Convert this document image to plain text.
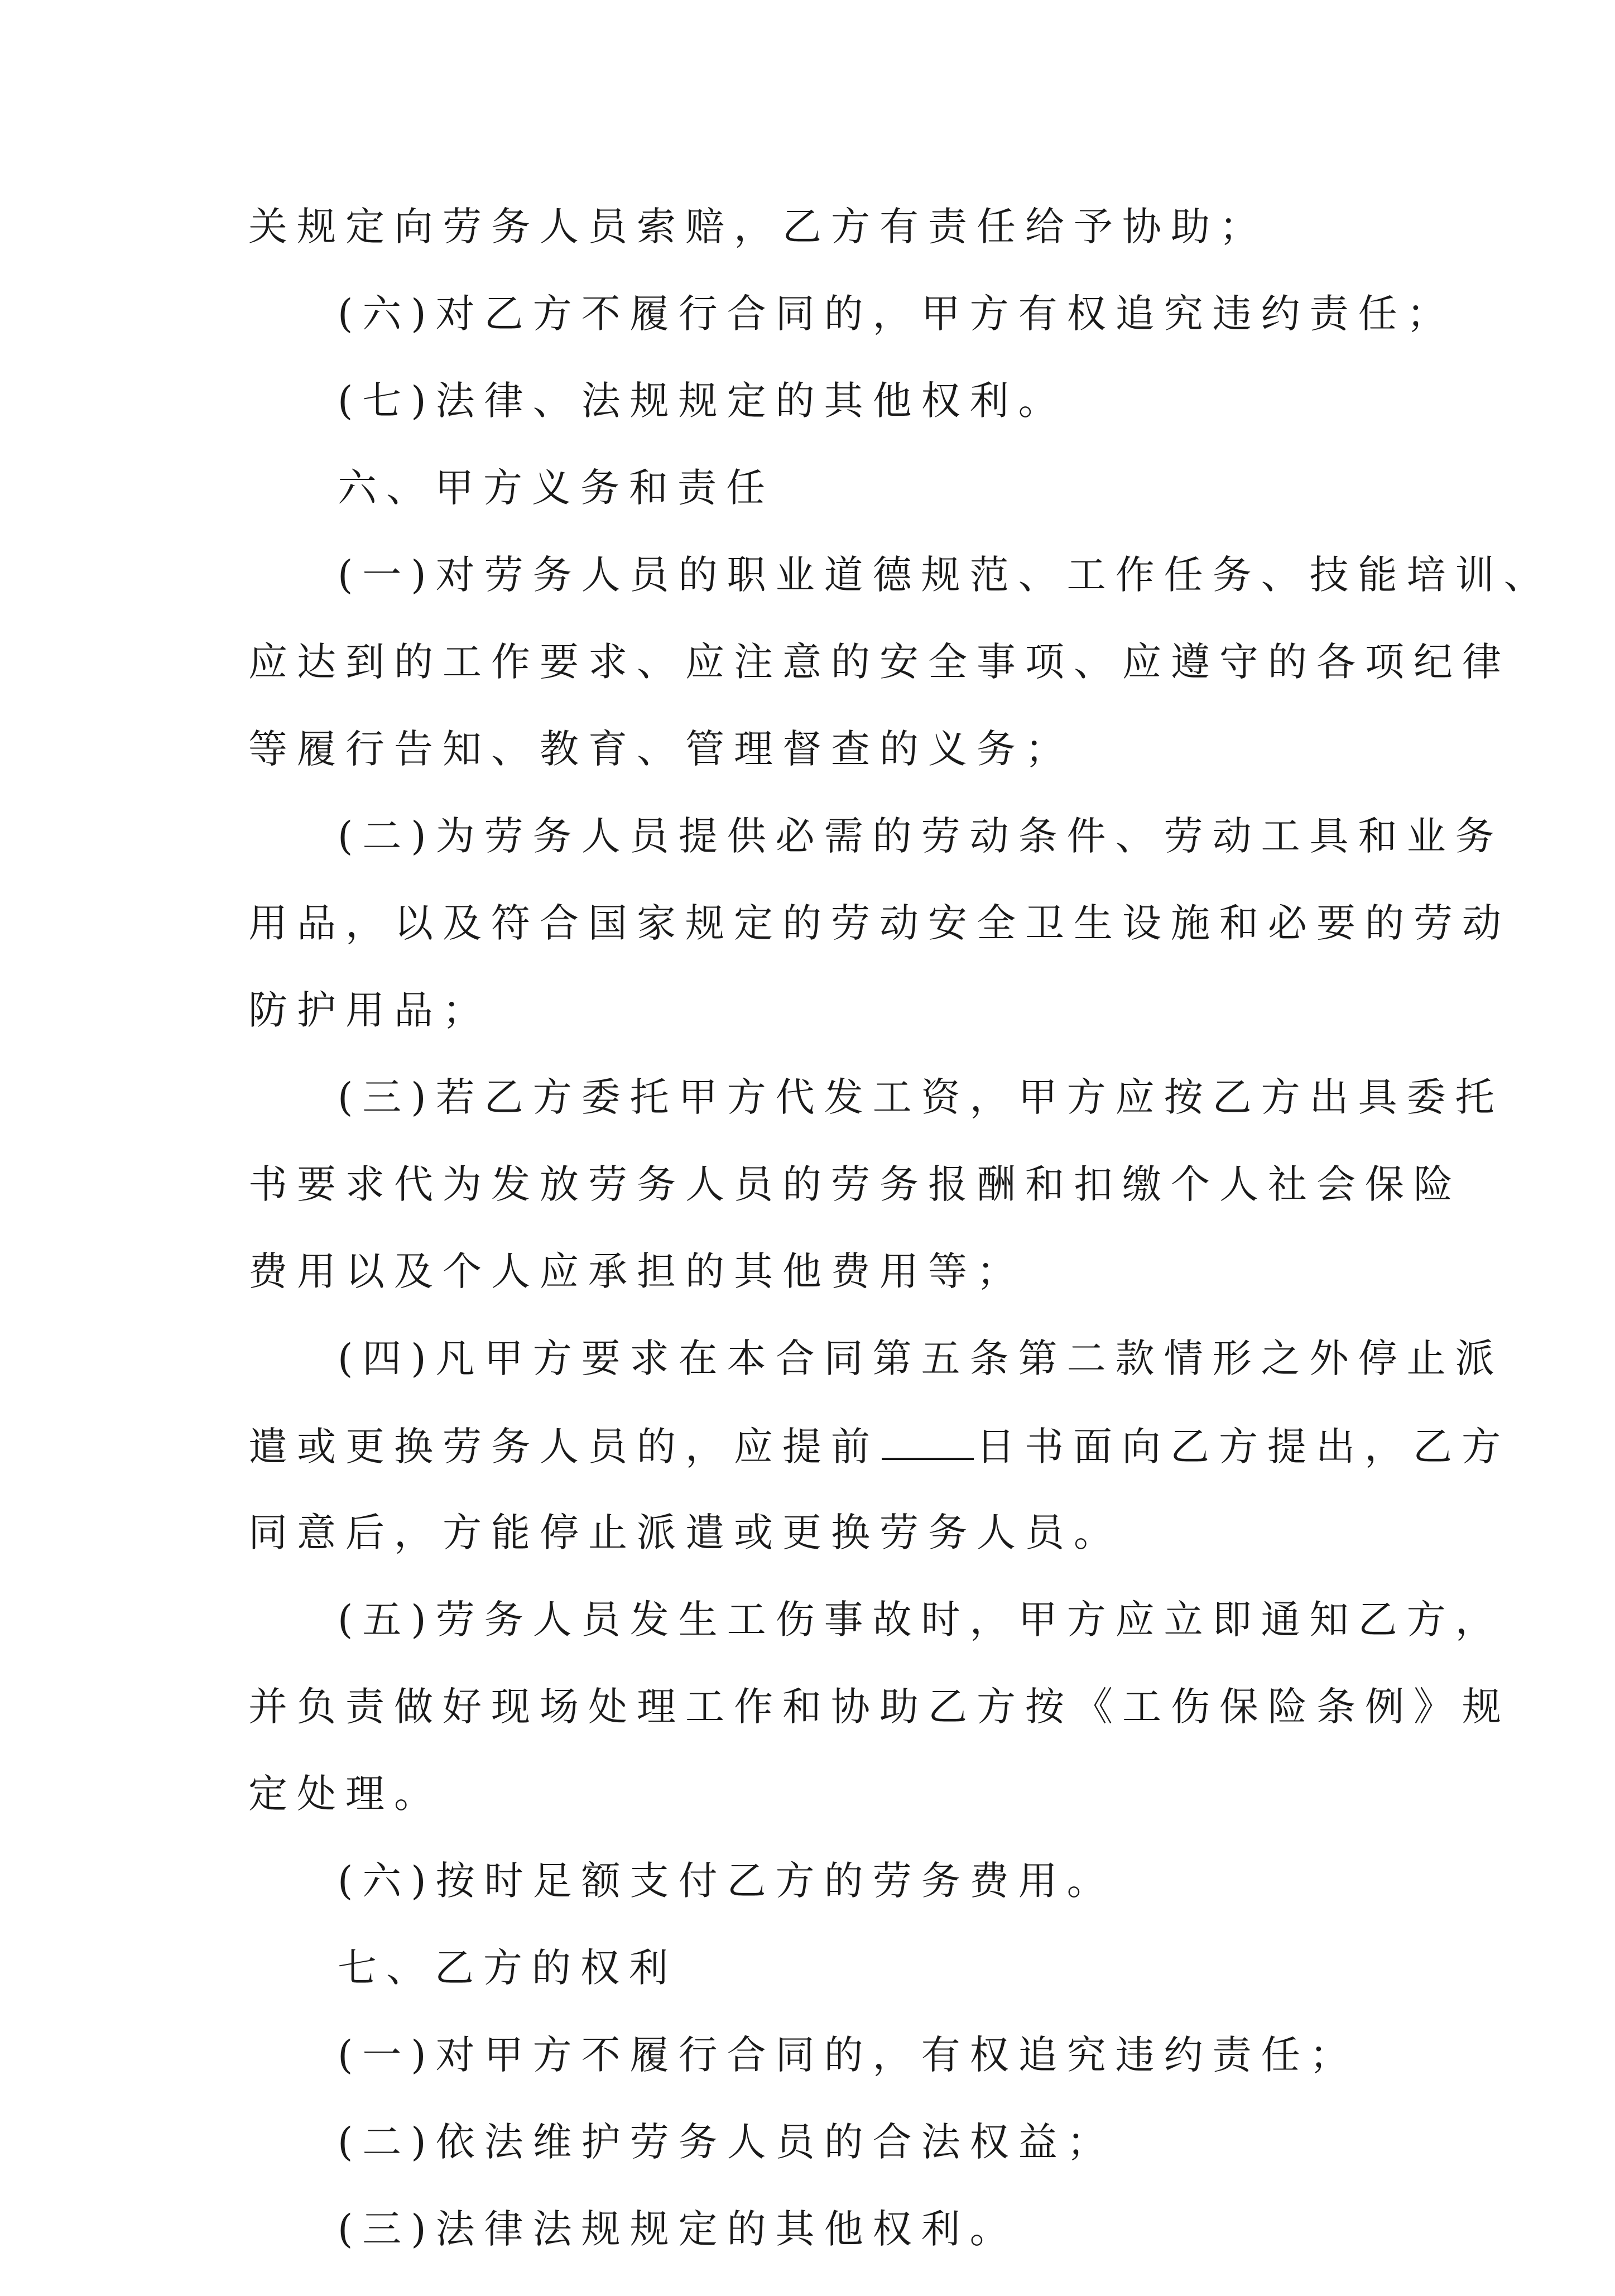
关规定向劳务人员索赔，乙方有责任给予协助；
(六)对乙方不履行合同的，甲方有权追究违约责任；
(七)法律、法规规定的其他权利。
六、甲方义务和责任
(一)对劳务人员的职业道德规范、工作任务、技能培训、
应达到的工作要求、应注意的安全事项、应遵守的各项纪律
等履行告知、教育、管理督查的义务；
(二)为劳务人员提供必需的劳动条件、劳动工具和业务
用品，以及符合国家规定的劳动安全卫生设施和必要的劳动
防护用品；
(三)若乙方委托甲方代发工资，甲方应按乙方出具委托
书要求代为发放劳务人员的劳务报酬和扣缴个人社会保险
费用以及个人应承担的其他费用等；
(四)凡甲方要求在本合同第五条第二款情形之外停止派
遣或更换劳务人员的，应提前 日书面向乙方提出，乙方
同意后，方能停止派遣或更换劳务人员。
(五)劳务人员发生工伤事故时，甲方应立即通知乙方，
并负责做好现场处理工作和协助乙方按《工伤保险条例》规
定处理。
(六)按时足额支付乙方的劳务费用。
七、乙方的权利
(一)对甲方不履行合同的，有权追究违约责任；
(二)依法维护劳务人员的合法权益；
(三)法律法规规定的其他权利。
